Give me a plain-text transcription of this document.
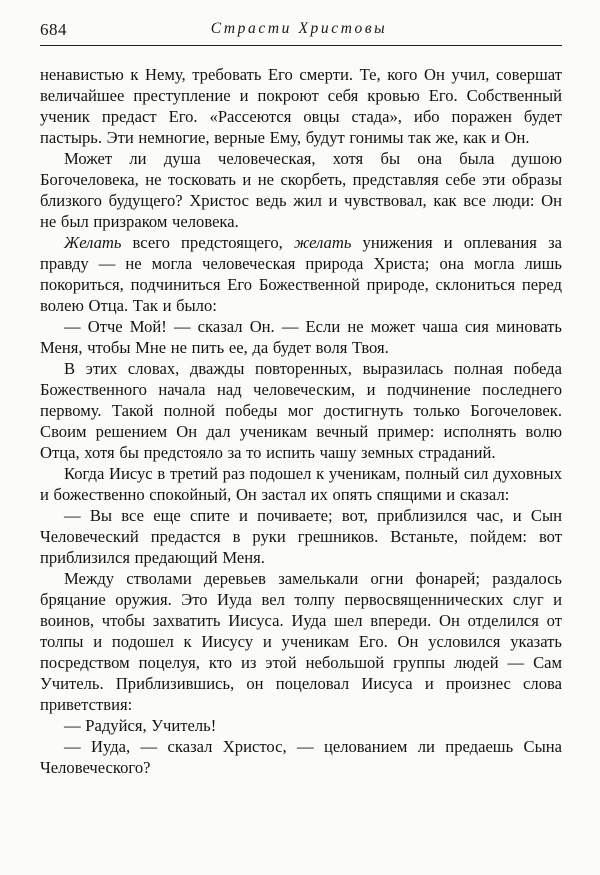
684	Страсти Христовы

ненавистью к Нему, требовать Его смерти. Те, кого Он учил, совершат величайшее преступление и покроют себя кровью Его. Собственный ученик предаст Его. «Рассеются овцы стада», ибо поражен будет пастырь. Эти немногие, верные Ему, будут гонимы так же, как и Он.

Может ли душа человеческая, хотя бы она была душою Богочеловека, не тосковать и не скорбеть, представляя себе эти образы близкого будущего? Христос ведь жил и чувствовал, как все люди: Он не был призраком человека.

Желать всего предстоящего, желать унижения и оплевания за правду — не могла человеческая природа Христа; она могла лишь покориться, подчиниться Его Божественной природе, склониться перед волею Отца. Так и было:

— Отче Мой! — сказал Он. — Если не может чаша сия миновать Меня, чтобы Мне не пить ее, да будет воля Твоя.

В этих словах, дважды повторенных, выразилась полная победа Божественного начала над человеческим, и подчинение последнего первому. Такой полной победы мог достигнуть только Богочеловек. Своим решением Он дал ученикам вечный пример: исполнять волю Отца, хотя бы предстояло за то испить чашу земных страданий.

Когда Иисус в третий раз подошел к ученикам, полный сил духовных и божественно спокойный, Он застал их опять спящими и сказал:

— Вы все еще спите и почиваете; вот, приблизился час, и Сын Человеческий предастся в руки грешников. Встаньте, пойдем: вот приблизился предающий Меня.

Между стволами деревьев замелькали огни фонарей; раздалось бряцание оружия. Это Иуда вел толпу первосвященнических слуг и воинов, чтобы захватить Иисуса. Иуда шел впереди. Он отделился от толпы и подошел к Иисусу и ученикам Его. Он условился указать посредством поцелуя, кто из этой небольшой группы людей — Сам Учитель. Приблизившись, он поцеловал Иисуса и произнес слова приветствия:

— Радуйся, Учитель!

— Иуда, — сказал Христос, — целованием ли предаешь Сына Человеческого?
